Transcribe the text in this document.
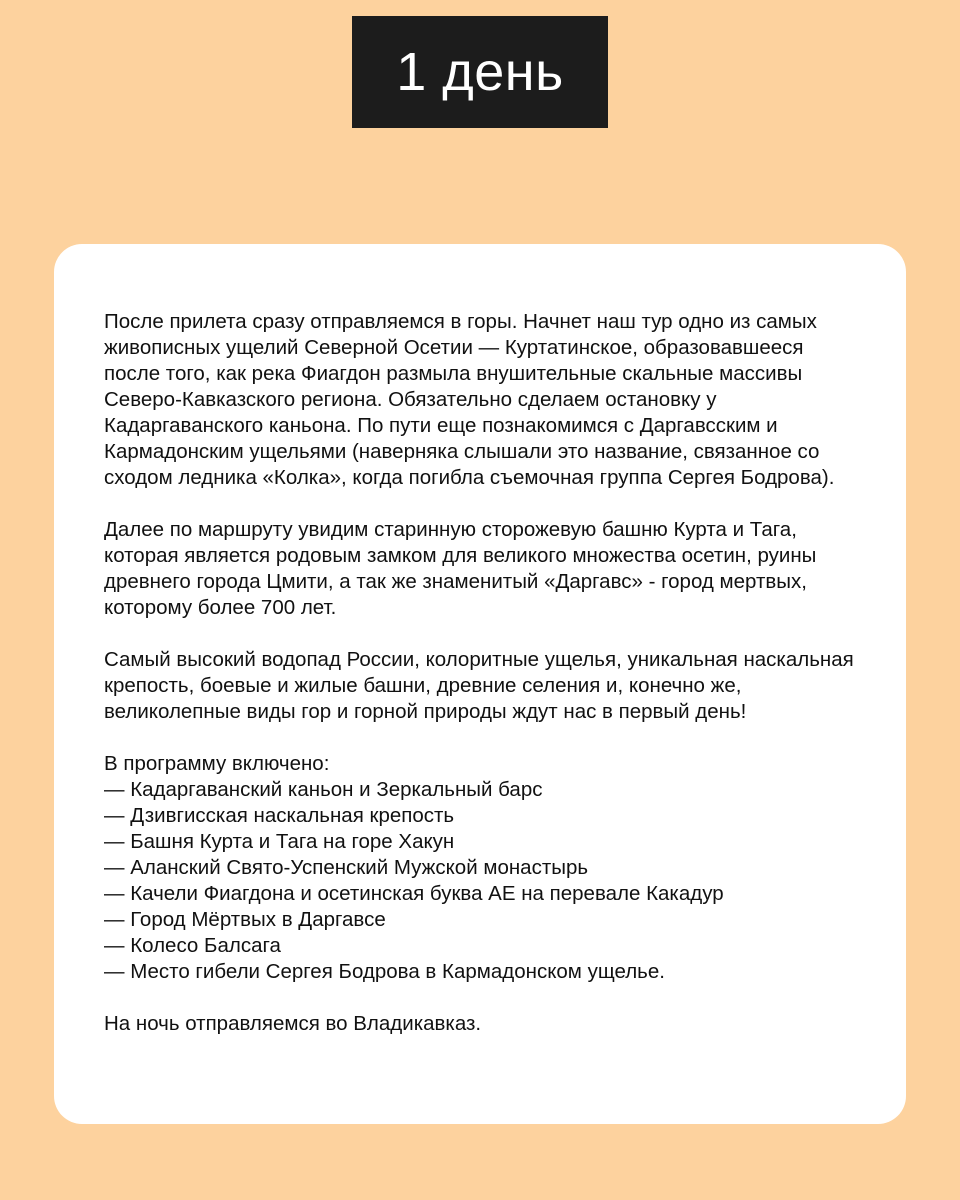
1 день

После прилета сразу отправляемся в горы. Начнет наш тур одно из самых живописных ущелий Северной Осетии — Куртатинское, образовавшееся после того, как река Фиагдон размыла внушительные скальные массивы Северо-Кавказского региона. Обязательно сделаем остановку у Кадаргаванского каньона. По пути еще познакомимся с Даргавсским и Кармадонским ущельями (наверняка слышали это название, связанное со сходом ледника «Колка», когда погибла съемочная группа Сергея Бодрова).

Далее по маршруту увидим старинную сторожевую башню Курта и Тага, которая является родовым замком для великого множества осетин, руины древнего города Цмити, а так же знаменитый «Даргавс» - город мертвых, которому более 700 лет.

Самый высокий водопад России, колоритные ущелья, уникальная наскальная крепость, боевые и жилые башни, древние селения и, конечно же, великолепные виды гор и горной природы ждут нас в первый день!

В программу включено:
— Кадаргаванский каньон и Зеркальный барс
— Дзивгисская наскальная крепость
— Башня Курта и Тага на горе Хакун
— Аланский Свято-Успенский Мужской монастырь
— Качели Фиагдона и осетинская буква АЕ на перевале Какадур
— Город Мёртвых в Даргавсе
— Колесо Балсага
— Место гибели Сергея Бодрова в Кармадонском ущелье.

На ночь отправляемся во Владикавказ.
